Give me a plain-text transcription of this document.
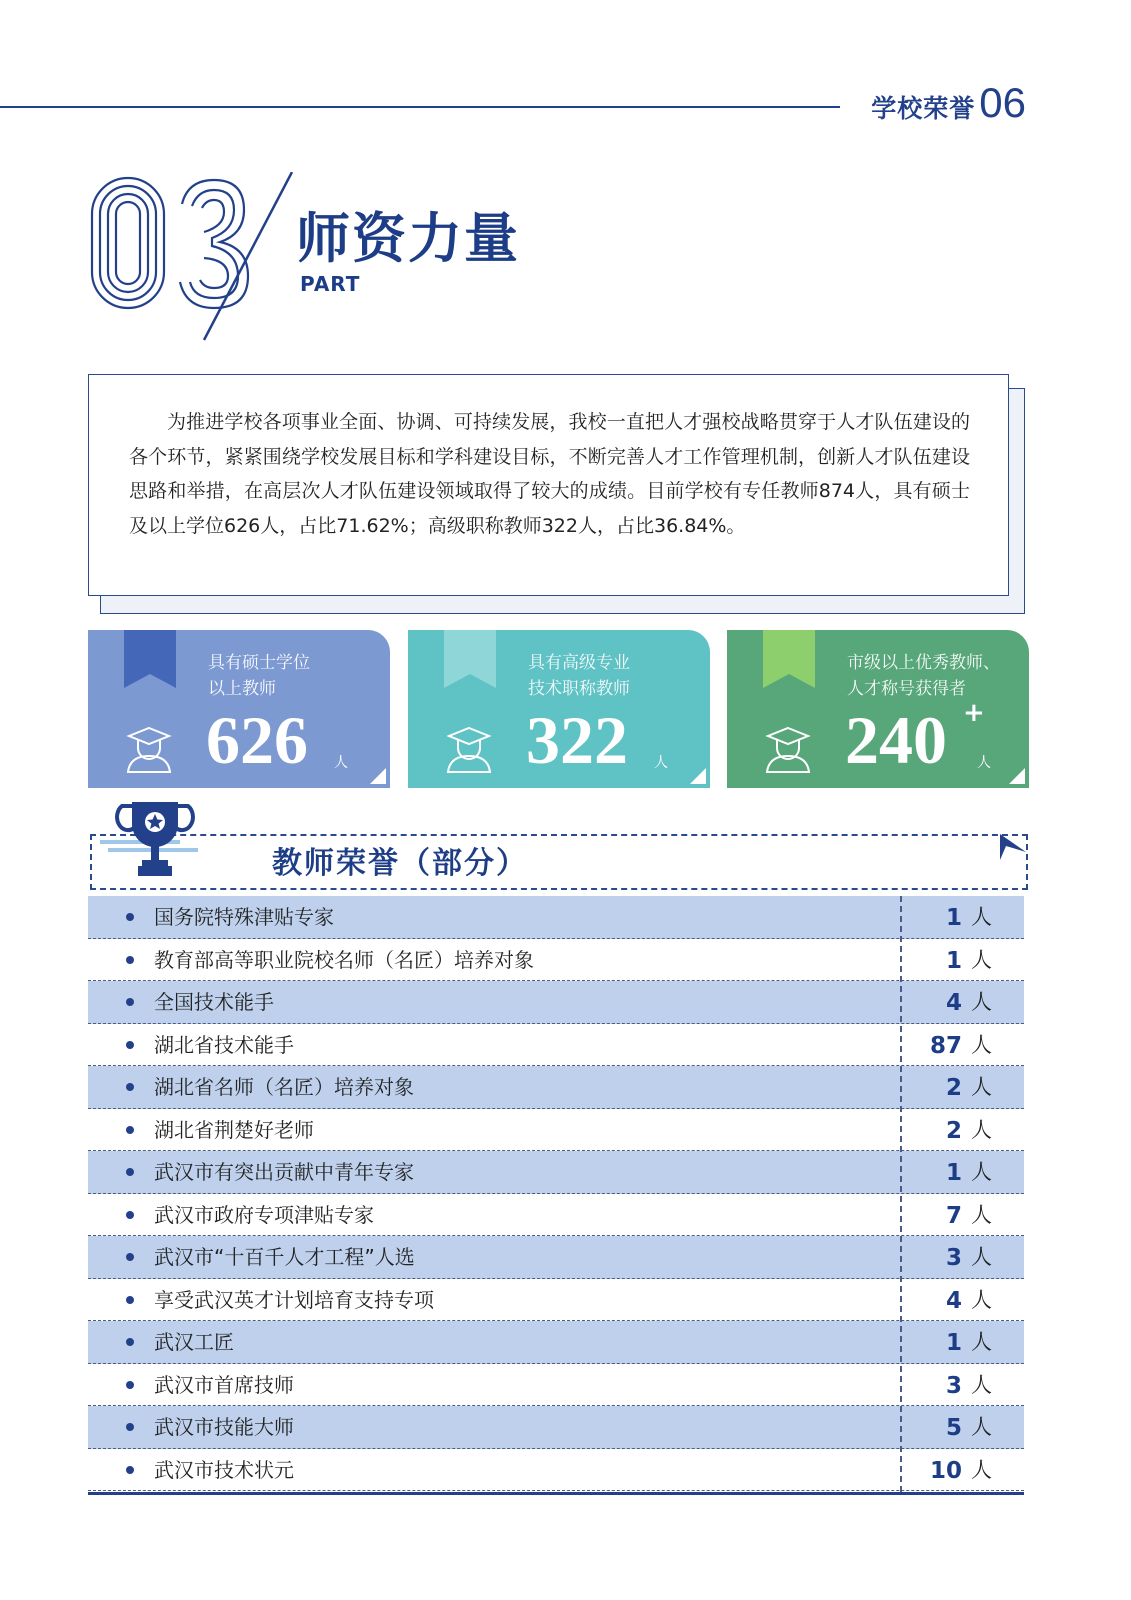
学校荣誉 06
师资力量
PART

为推进学校各项事业全面、协调、可持续发展，我校一直把人才强校战略贯穿于人才队伍建设的各个环节，紧紧围绕学校发展目标和学科建设目标，不断完善人才工作管理机制，创新人才队伍建设思路和举措，在高层次人才队伍建设领域取得了较大的成绩。目前学校有专任教师874人，具有硕士及以上学位626人，占比71.62%；高级职称教师322人，占比36.84%。

具有硕士学位
以上教师
626 人
具有高级专业
技术职称教师
322 人
市级以上优秀教师、
人才称号获得者
240 +
人
教师荣誉（部分）
国务院特殊津贴专家	1 人
教育部高等职业院校名师（名匠）培养对象	1 人
全国技术能手	4 人
湖北省技术能手	87 人
湖北省名师（名匠）培养对象	2 人
湖北省荆楚好老师	2 人
武汉市有突出贡献中青年专家	1 人
武汉市政府专项津贴专家	7 人
武汉市“十百千人才工程”人选	3 人
享受武汉英才计划培育支持专项	4 人
武汉工匠	1 人
武汉市首席技师	3 人
武汉市技能大师	5 人
武汉市技术状元	10 人
